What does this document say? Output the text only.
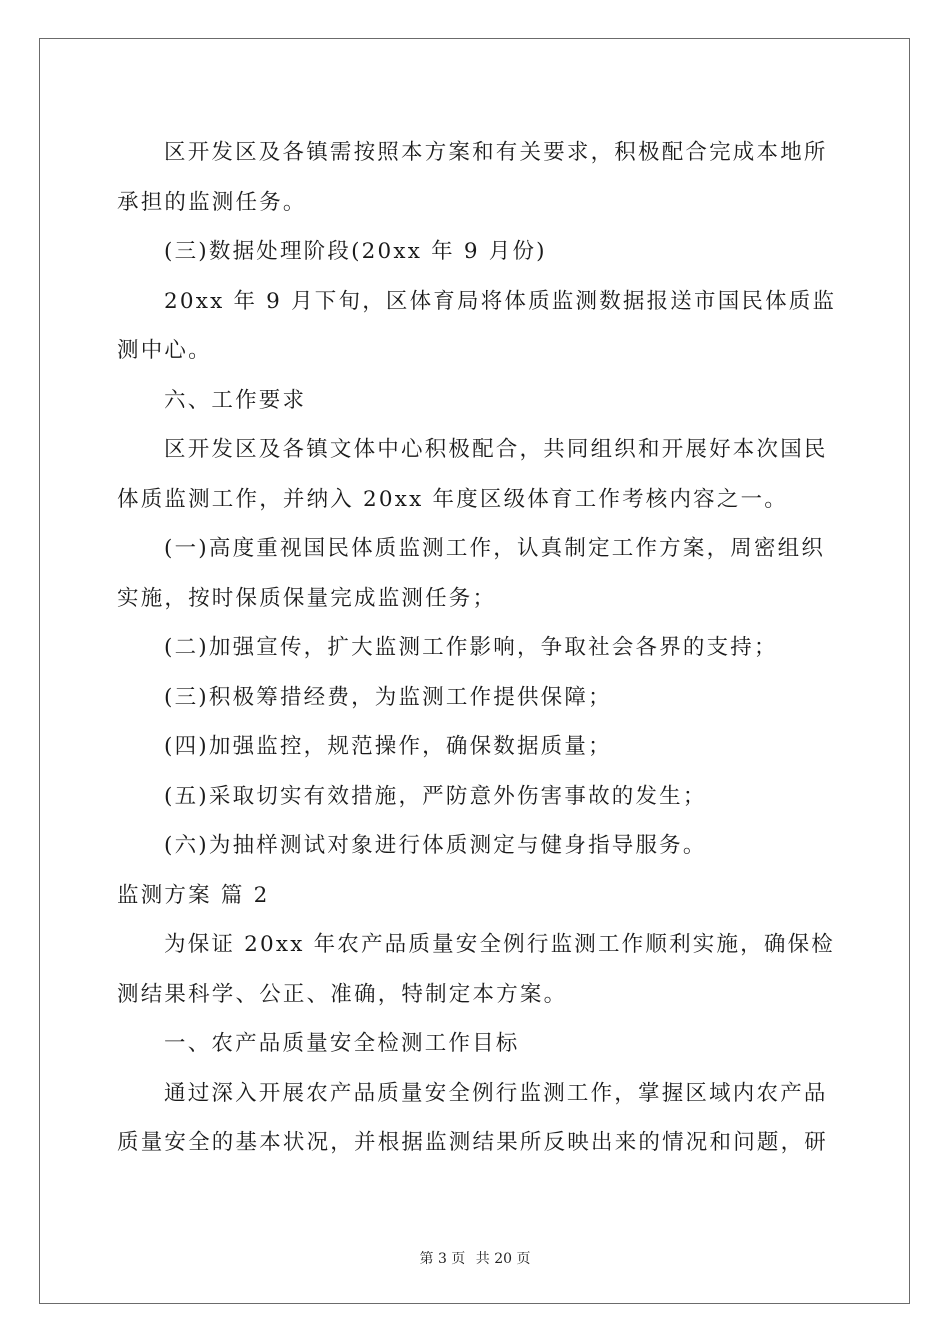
区开发区及各镇需按照本方案和有关要求，积极配合完成本地所

承担的监测任务。

(三)数据处理阶段(20xx 年 9 月份)

20xx 年 9 月下旬，区体育局将体质监测数据报送市国民体质监

测中心。

六、工作要求

区开发区及各镇文体中心积极配合，共同组织和开展好本次国民

体质监测工作，并纳入 20xx 年度区级体育工作考核内容之一。

(一)高度重视国民体质监测工作，认真制定工作方案，周密组织

实施，按时保质保量完成监测任务；

(二)加强宣传，扩大监测工作影响，争取社会各界的支持；

(三)积极筹措经费，为监测工作提供保障；

(四)加强监控，规范操作，确保数据质量；

(五)采取切实有效措施，严防意外伤害事故的发生；

(六)为抽样测试对象进行体质测定与健身指导服务。

监测方案 篇 2

为保证 20xx 年农产品质量安全例行监测工作顺利实施，确保检

测结果科学、公正、准确，特制定本方案。

一、农产品质量安全检测工作目标

通过深入开展农产品质量安全例行监测工作，掌握区域内农产品

质量安全的基本状况，并根据监测结果所反映出来的情况和问题，研

第 3 页 共 20 页
